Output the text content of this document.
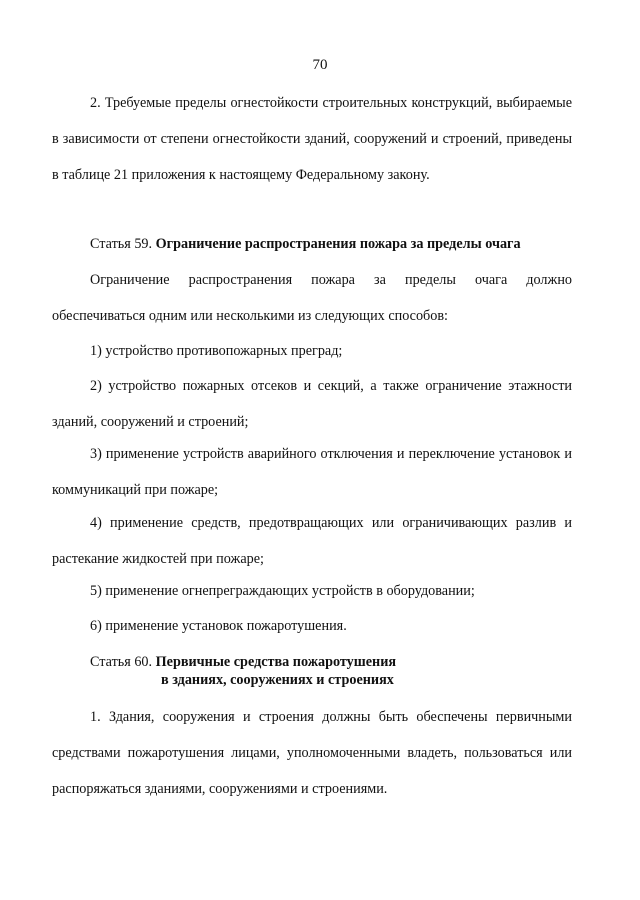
70

2. Требуемые пределы огнестойкости строительных конструкций, выбираемые в зависимости от степени огнестойкости зданий, сооружений и строений, приведены в таблице 21 приложения к настоящему Федеральному закону.

Статья 59. Ограничение распространения пожара за пределы очага

Ограничение распространения пожара за пределы очага должно обеспечиваться одним или несколькими из следующих способов:

1) устройство противопожарных преград;

2) устройство пожарных отсеков и секций, а также ограничение этажности зданий, сооружений и строений;

3) применение устройств аварийного отключения и переключение установок и коммуникаций при пожаре;

4) применение средств, предотвращающих или ограничивающих разлив и растекание жидкостей при пожаре;

5) применение огнепреграждающих устройств в оборудовании;

6) применение установок пожаротушения.

Статья 60. Первичные средства пожаротушения
в зданиях, сооружениях и строениях

1. Здания, сооружения и строения должны быть обеспечены первичными средствами пожаротушения лицами, уполномоченными владеть, пользоваться или распоряжаться зданиями, сооружениями и строениями.
